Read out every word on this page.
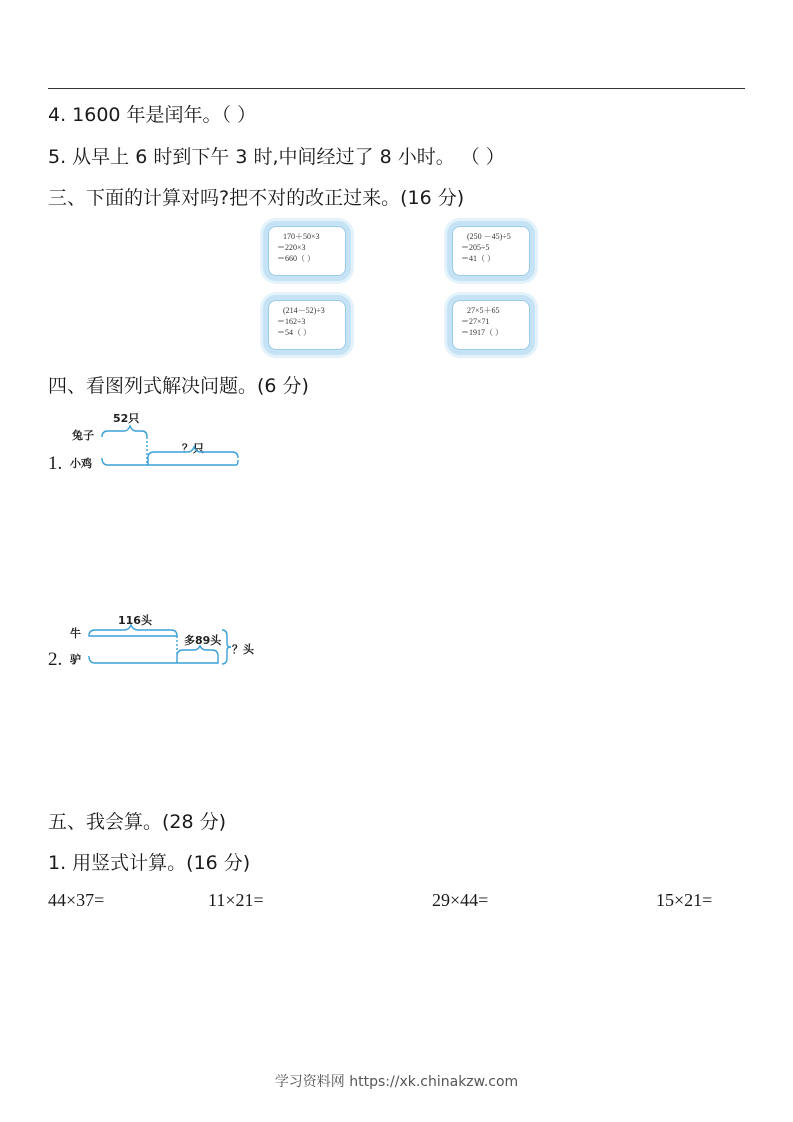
4. 1600 年是闰年。（ ）
5. 从早上 6 时到下午 3 时,中间经过了 8 小时。 （ ）
三、下面的计算对吗?把不对的改正过来。(16 分)
170＋50×3
＝220×3
＝660（ ）
(250 －45)÷5
＝205÷5
＝41（ ）
(214－52)÷3
＝162÷3
＝54（ ）
27×5＋65
＝27×71
＝1917（ ）
四、看图列式解决问题。(6 分)
1.
兔子
小鸡
52只
？只
2.
牛
驴
116头
多89头
？头
五、我会算。(28 分)
1. 用竖式计算。(16 分)
44×37=	11×21=	29×44=	15×21=
学习资料网 https://xk.chinakzw.com
